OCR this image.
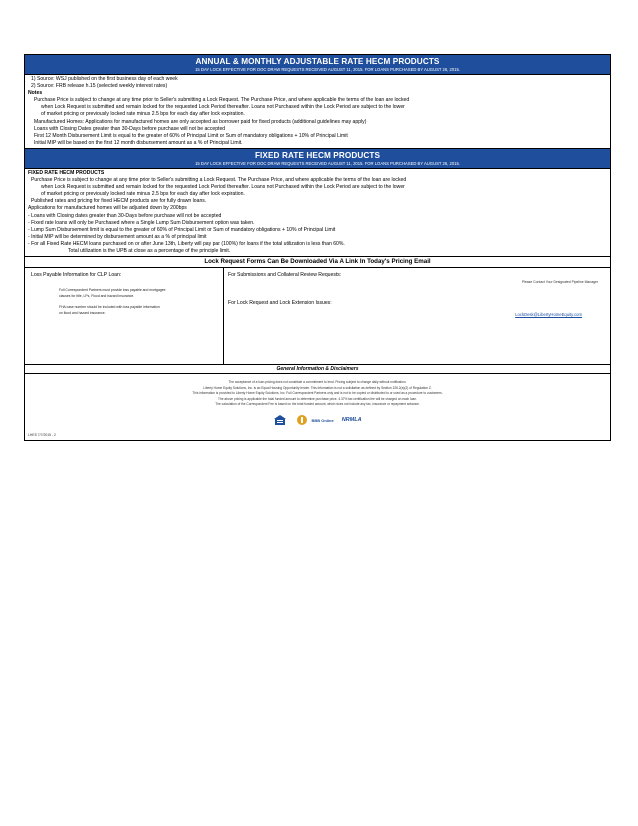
ANNUAL & MONTHLY ADJUSTABLE RATE HECM PRODUCTS
15 DAY LOCK EFFECTIVE FOR DOC DRAW REQUESTS RECEIVED AUGUST 11, 2015. FOR LOANS PURCHASED BY AUGUST 26, 2015.
1) Source: WSJ published on the first business day of each week
2) Source: FRB release h.15 (selected weekly interest rates)
Notes
Purchase Price is subject to change at any time prior to Seller's submitting a Lock Request. The Purchase Price, and where applicable the terms of the loan are locked
when Lock Request is submitted and remain locked for the requested Lock Period thereafter. Loans not Purchased within the Lock Period are subject to the lower
of market pricing or previously locked rate minus 2.5 bps for each day after lock expiration.
Manufactured Homes: Applications for manufactured homes are only accepted as borrower paid for fixed products (additional guidelines may apply)
Loans with Closing Dates greater than 30-Days before purchase will not be accepted
First 12 Month Disbursement Limit is equal to the greater of 60% of Principal Limit or Sum of mandatory obligations + 10% of Principal Limit
Initial MIP will be based on the first 12 month disbursement amount as a % of Principal Limit.
FIXED RATE HECM PRODUCTS
15 DAY LOCK EFFECTIVE FOR DOC DRAW REQUESTS RECEIVED AUGUST 11, 2015. FOR LOANS PURCHASED BY AUGUST 26, 2015.
FIXED RATE HECM PRODUCTS
Purchase Price is subject to change at any time prior to Seller's submitting a Lock Request. The Purchase Price, and where applicable the terms of the loan are locked
when Lock Request is submitted and remain locked for the requested Lock Period thereafter. Loans not Purchased within the Lock Period are subject to the lower
of market pricing or previously locked rate minus 2.5 bps for each day after lock expiration.
Published rates and pricing for fixed HECM products are for fully drawn loans.
Applications for manufactured homes will be adjusted down by 200bps
- Loans with Closing dates greater than 30-Days before purchase will not be accepted
- Fixed rate loans will only be Purchased where a Single Lump Sum Disbursement option was taken.
- Lump Sum Disbursement limit is equal to the greater of 60% of Principal Limit or Sum of mandatory obligations + 10% of Principal Limit
- Initial MIP will be determined by disbursement amount as a % of principal limit
- For all Fixed Rate HECM loans purchased on or after June 13th, Liberty will pay par (100%) for loans if the total utilization is less than 60%.
Total utilization is the UPB at close as a percentage of the principle limit.
Lock Request Forms Can Be Downloaded Via A Link In Today's Pricing Email
Loss Payable Information for CLP Loan:
Full Correspondent Partners must provide loss payable and mortgagee
clauses for title, LPs, Flood and hazard insurance.
FHA case number should be included with loss payable information
on flood and hazard insurance.
For Submissions and Collateral Review Requests:
Please Contact Your Designated Pipeline Manager
For Lock Request and Lock Extension Issues:
LockDesk@LibertyHomeEquity.com
General Information & Disclaimers
The acceptance of a loan pricing does not constitute a commitment to lend. Pricing subject to change daily without notification.
Liberty Home Equity Solutions, Inc. is an Equal Housing Opportunity lender. This information is not a solicitation as defined by Section 226.2(a)(2) of Regulation Z.
This information is provided to Liberty Home Equity Solutions, Inc. Full Correspondent Partners only and is not to be copied or distributed to or used as a procedure to customers.
The above pricing is applicable the total funded amount to determine purchase price. 4.37% tax certification fee will be charged on each loan.
The calculation of the Correspondent Fee is based on the total funded amount, which does not include any tax, insurance or repayment advance.
BBB Online NRMLA
LHES 7/7/2015 - 2
